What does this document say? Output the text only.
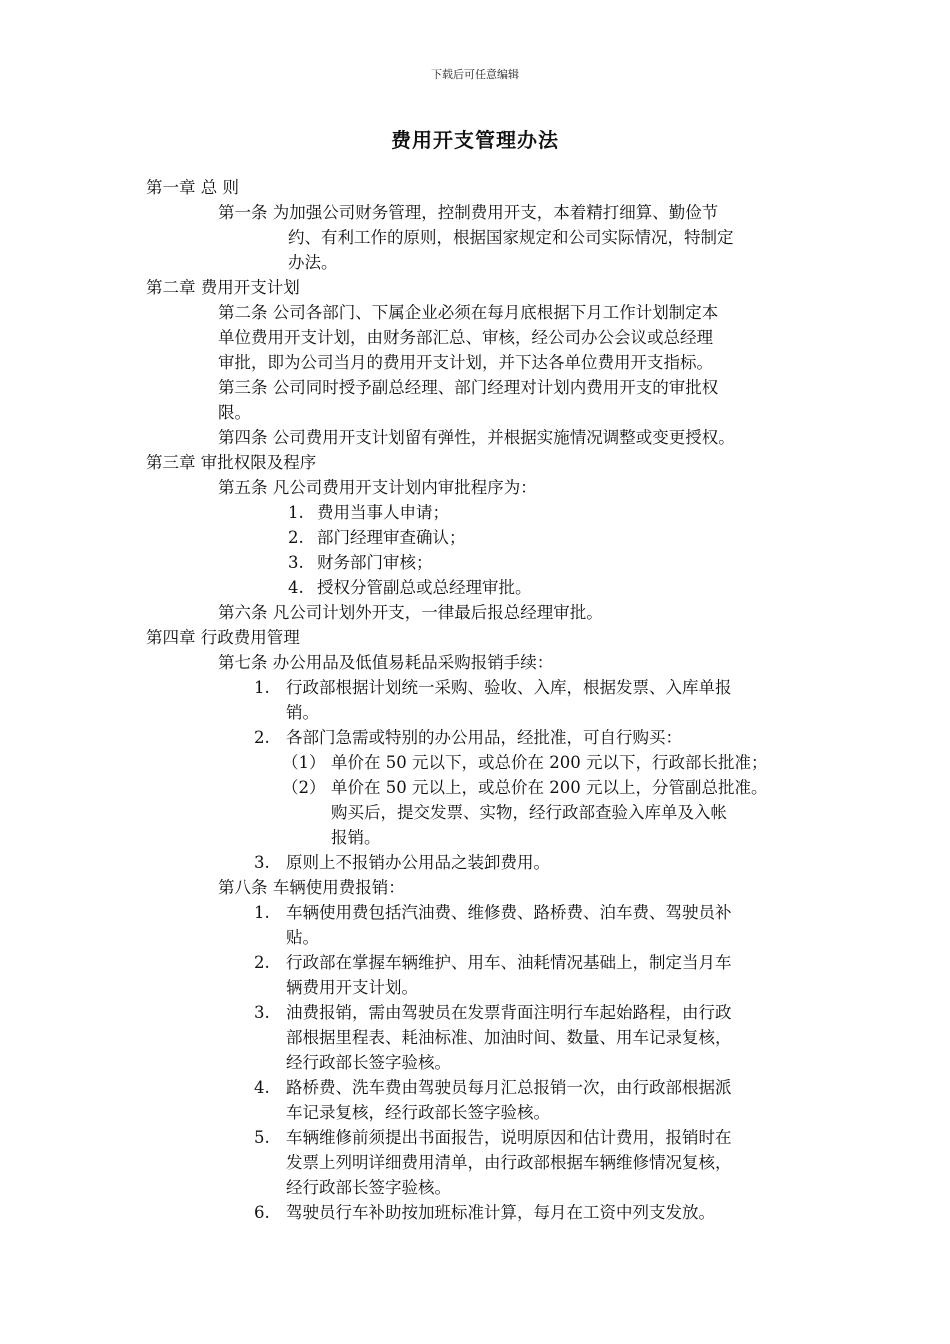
下载后可任意编辑
费用开支管理办法
第一章 总 则
第一条 为加强公司财务管理，控制费用开支，本着精打细算、勤俭节
约、有利工作的原则，根据国家规定和公司实际情况，特制定
办法。
第二章 费用开支计划
第二条 公司各部门、下属企业必须在每月底根据下月工作计划制定本
单位费用开支计划，由财务部汇总、审核，经公司办公会议或总经理
审批，即为公司当月的费用开支计划，并下达各单位费用开支指标。
第三条 公司同时授予副总经理、部门经理对计划内费用开支的审批权
限。
第四条 公司费用开支计划留有弹性，并根据实施情况调整或变更授权。
第三章 审批权限及程序
第五条 凡公司费用开支计划内审批程序为：
1. 费用当事人申请；
2. 部门经理审查确认；
3. 财务部门审核；
4. 授权分管副总或总经理审批。
第六条 凡公司计划外开支，一律最后报总经理审批。
第四章 行政费用管理
第七条 办公用品及低值易耗品采购报销手续：
1. 行政部根据计划统一采购、验收、入库，根据发票、入库单报
销。
2. 各部门急需或特别的办公用品，经批准，可自行购买：
（1） 单价在 50 元以下，或总价在 200 元以下，行政部长批准；
（2） 单价在 50 元以上，或总价在 200 元以上，分管副总批准。
购买后，提交发票、实物，经行政部查验入库单及入帐
报销。
3. 原则上不报销办公用品之装卸费用。
第八条 车辆使用费报销：
1. 车辆使用费包括汽油费、维修费、路桥费、泊车费、驾驶员补
贴。
2. 行政部在掌握车辆维护、用车、油耗情况基础上，制定当月车
辆费用开支计划。
3. 油费报销，需由驾驶员在发票背面注明行车起始路程，由行政
部根据里程表、耗油标准、加油时间、数量、用车记录复核，
经行政部长签字验核。
4. 路桥费、洗车费由驾驶员每月汇总报销一次，由行政部根据派
车记录复核，经行政部长签字验核。
5. 车辆维修前须提出书面报告，说明原因和估计费用，报销时在
发票上列明详细费用清单，由行政部根据车辆维修情况复核，
经行政部长签字验核。
6. 驾驶员行车补助按加班标准计算，每月在工资中列支发放。
